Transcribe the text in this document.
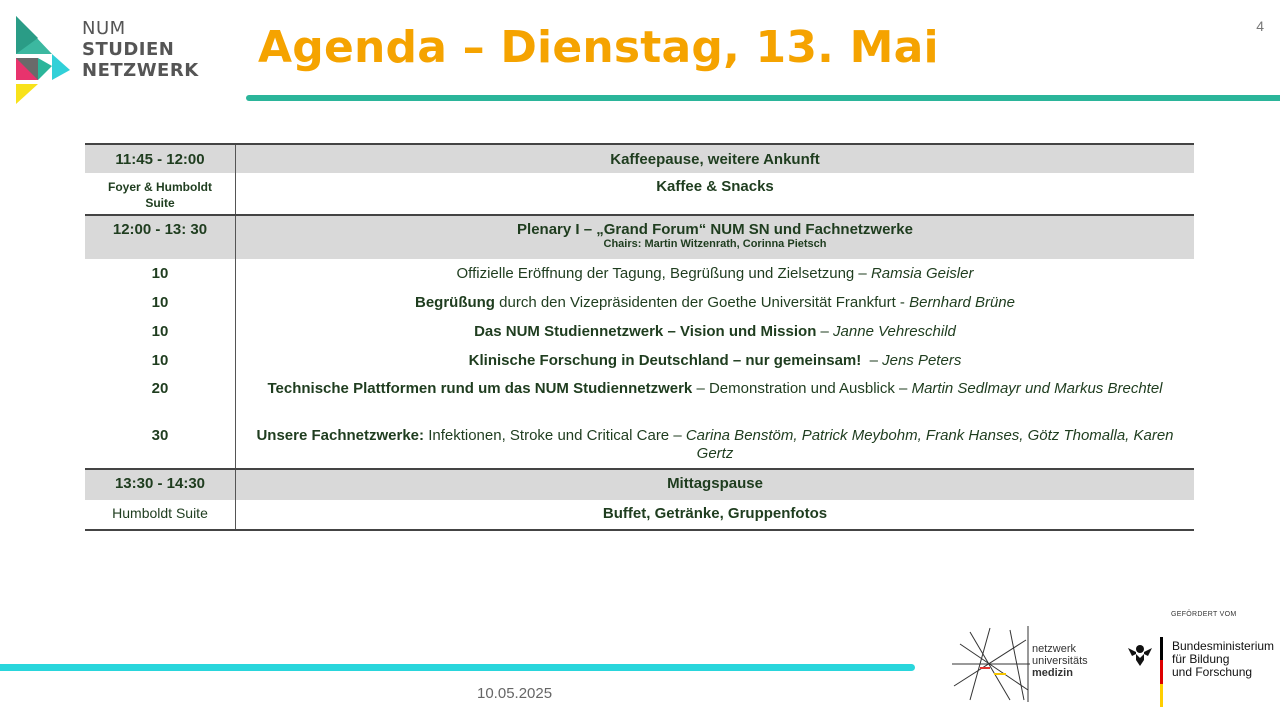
NUM
STUDIEN
NETZWERK
4
Agenda – Dienstag, 13. Mai
11:45 - 12:00	Kaffeepause, weitere Ankunft
Foyer & Humboldt Suite	Kaffee & Snacks
12:00 - 13: 30	Plenary I – „Grand Forum“ NUM SN und Fachnetzwerke
Chairs: Martin Witzenrath, Corinna Pietsch

10	Offizielle Eröffnung der Tagung, Begrüßung und Zielsetzung – Ramsia Geisler
10	Begrüßung durch den Vizepräsidenten der Goethe Universität Frankfurt - Bernhard Brüne
10	Das NUM Studiennetzwerk – Vision und Mission – Janne Vehreschild
10	Klinische Forschung in Deutschland – nur gemeinsam!  – Jens Peters
20	Technische Plattformen rund um das NUM Studiennetzwerk – Demonstration und Ausblick – Martin Sedlmayr und Markus Brechtel
30	Unsere Fachnetzwerke: Infektionen, Stroke und Critical Care – Carina Benstöm, Patrick Meybohm, Frank Hanses, Götz Thomalla, Karen Gertz
13:30 - 14:30	Mittagspause
Humboldt Suite	Buffet, Getränke, Gruppenfotos
10.05.2025
netzwerk
universitäts
medizin
GEFÖRDERT VOM
Bundesministerium
für Bildung
und Forschung
